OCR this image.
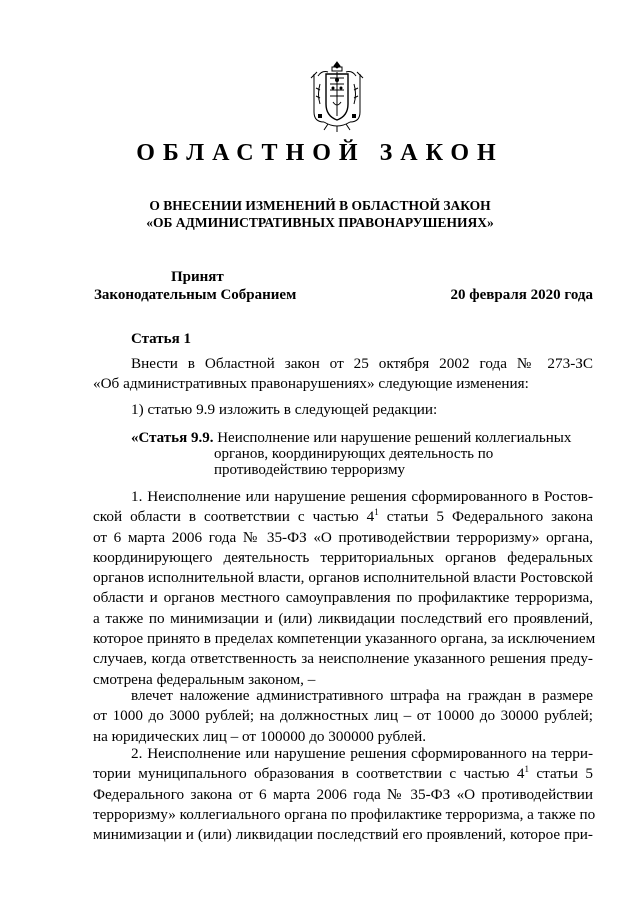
ОБЛАСТНОЙ ЗАКОН
О ВНЕСЕНИИ ИЗМЕНЕНИЙ В ОБЛАСТНОЙ ЗАКОН
«ОБ АДМИНИСТРАТИВНЫХ ПРАВОНАРУШЕНИЯХ»
Принят
Законодательным Собранием	20 февраля 2020 года
Статья 1
Внести в Областной закон от 25 октября 2002 года № 273-ЗС
«Об административных правонарушениях» следующие изменения:
1) статью 9.9 изложить в следующей редакции:
«Статья 9.9. Неисполнение или нарушение решений коллегиальных
органов, координирующих деятельность по
противодействию терроризму
1. Неисполнение или нарушение решения сформированного в Ростов-
ской области в соответствии с частью $4^1$ статьи 5 Федерального закона
от 6 марта 2006 года № 35-ФЗ «О противодействии терроризму» органа,
координирующего деятельность территориальных органов федеральных
органов исполнительной власти, органов исполнительной власти Ростовской
области и органов местного самоуправления по профилактике терроризма,
а также по минимизации и (или) ликвидации последствий его проявлений,
которое принято в пределах компетенции указанного органа, за исключением
случаев, когда ответственность за неисполнение указанного решения преду-
смотрена федеральным законом, –
влечет наложение административного штрафа на граждан в размере
от 1000 до 3000 рублей; на должностных лиц – от 10000 до 30000 рублей;
на юридических лиц – от 100000 до 300000 рублей.
2. Неисполнение или нарушение решения сформированного на терри-
тории муниципального образования в соответствии с частью $4^1$ статьи 5
Федерального закона от 6 марта 2006 года № 35-ФЗ «О противодействии
терроризму» коллегиального органа по профилактике терроризма, а также по
минимизации и (или) ликвидации последствий его проявлений, которое при-
